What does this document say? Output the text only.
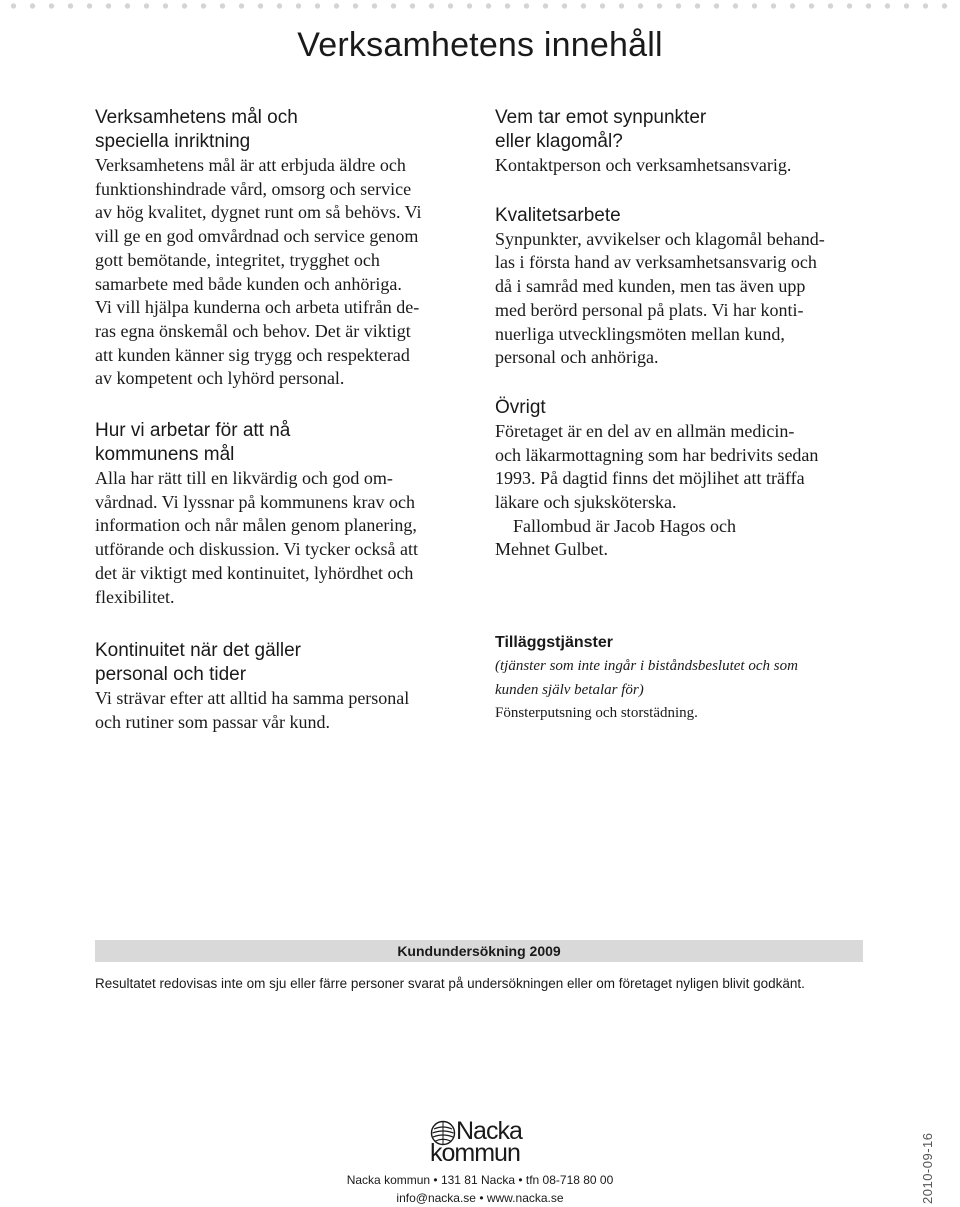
Verksamhetens innehåll
Verksamhetens mål och
speciella inriktning

Verksamhetens mål är att erbjuda äldre och
funktionshindrade vård, omsorg och service
av hög kvalitet, dygnet runt om så behövs. Vi
vill ge en god omvårdnad och service genom
gott bemötande, integritet, trygghet och
samarbete med både kunden och anhöriga.
Vi vill hjälpa kunderna och arbeta utifrån de-
ras egna önskemål och behov. Det är viktigt
att kunden känner sig trygg och respekterad
av kompetent och lyhörd personal.

Hur vi arbetar för att nå
kommunens mål

Alla har rätt till en likvärdig och god om-
vårdnad. Vi lyssnar på kommunens krav och
information och når målen genom planering,
utförande och diskussion. Vi tycker också att
det är viktigt med kontinuitet, lyhördhet och
flexibilitet.

Kontinuitet när det gäller
personal och tider

Vi strävar efter att alltid ha samma personal
och rutiner som passar vår kund.

Vem tar emot synpunkter
eller klagomål?

Kontaktperson och verksamhetsansvarig.

Kvalitetsarbete

Synpunkter, avvikelser och klagomål behand-
las i första hand av verksamhetsansvarig och
då i samråd med kunden, men tas även upp
med berörd personal på plats. Vi har konti-
nuerliga utvecklingsmöten mellan kund,
personal och anhöriga.

Övrigt

Företaget är en del av en allmän medicin-
och läkarmottagning som har bedrivits sedan
1993. På dagtid finns det möjlihet att träffa
läkare och sjuksköterska.

Fallombud är Jacob Hagos och
Mehnet Gulbet.

Tilläggstjänster

(tjänster som inte ingår i biståndsbeslutet och som
kunden själv betalar för)

Fönsterputsning och storstädning.

Kundundersökning 2009

Resultatet redovisas inte om sju eller färre personer svarat på undersökningen eller om företaget nyligen blivit godkänt.

Nacka
kommun
Nacka kommun • 131 81 Nacka • tfn 08-718 80 00
info@nacka.se • www.nacka.se	2010-09-16
